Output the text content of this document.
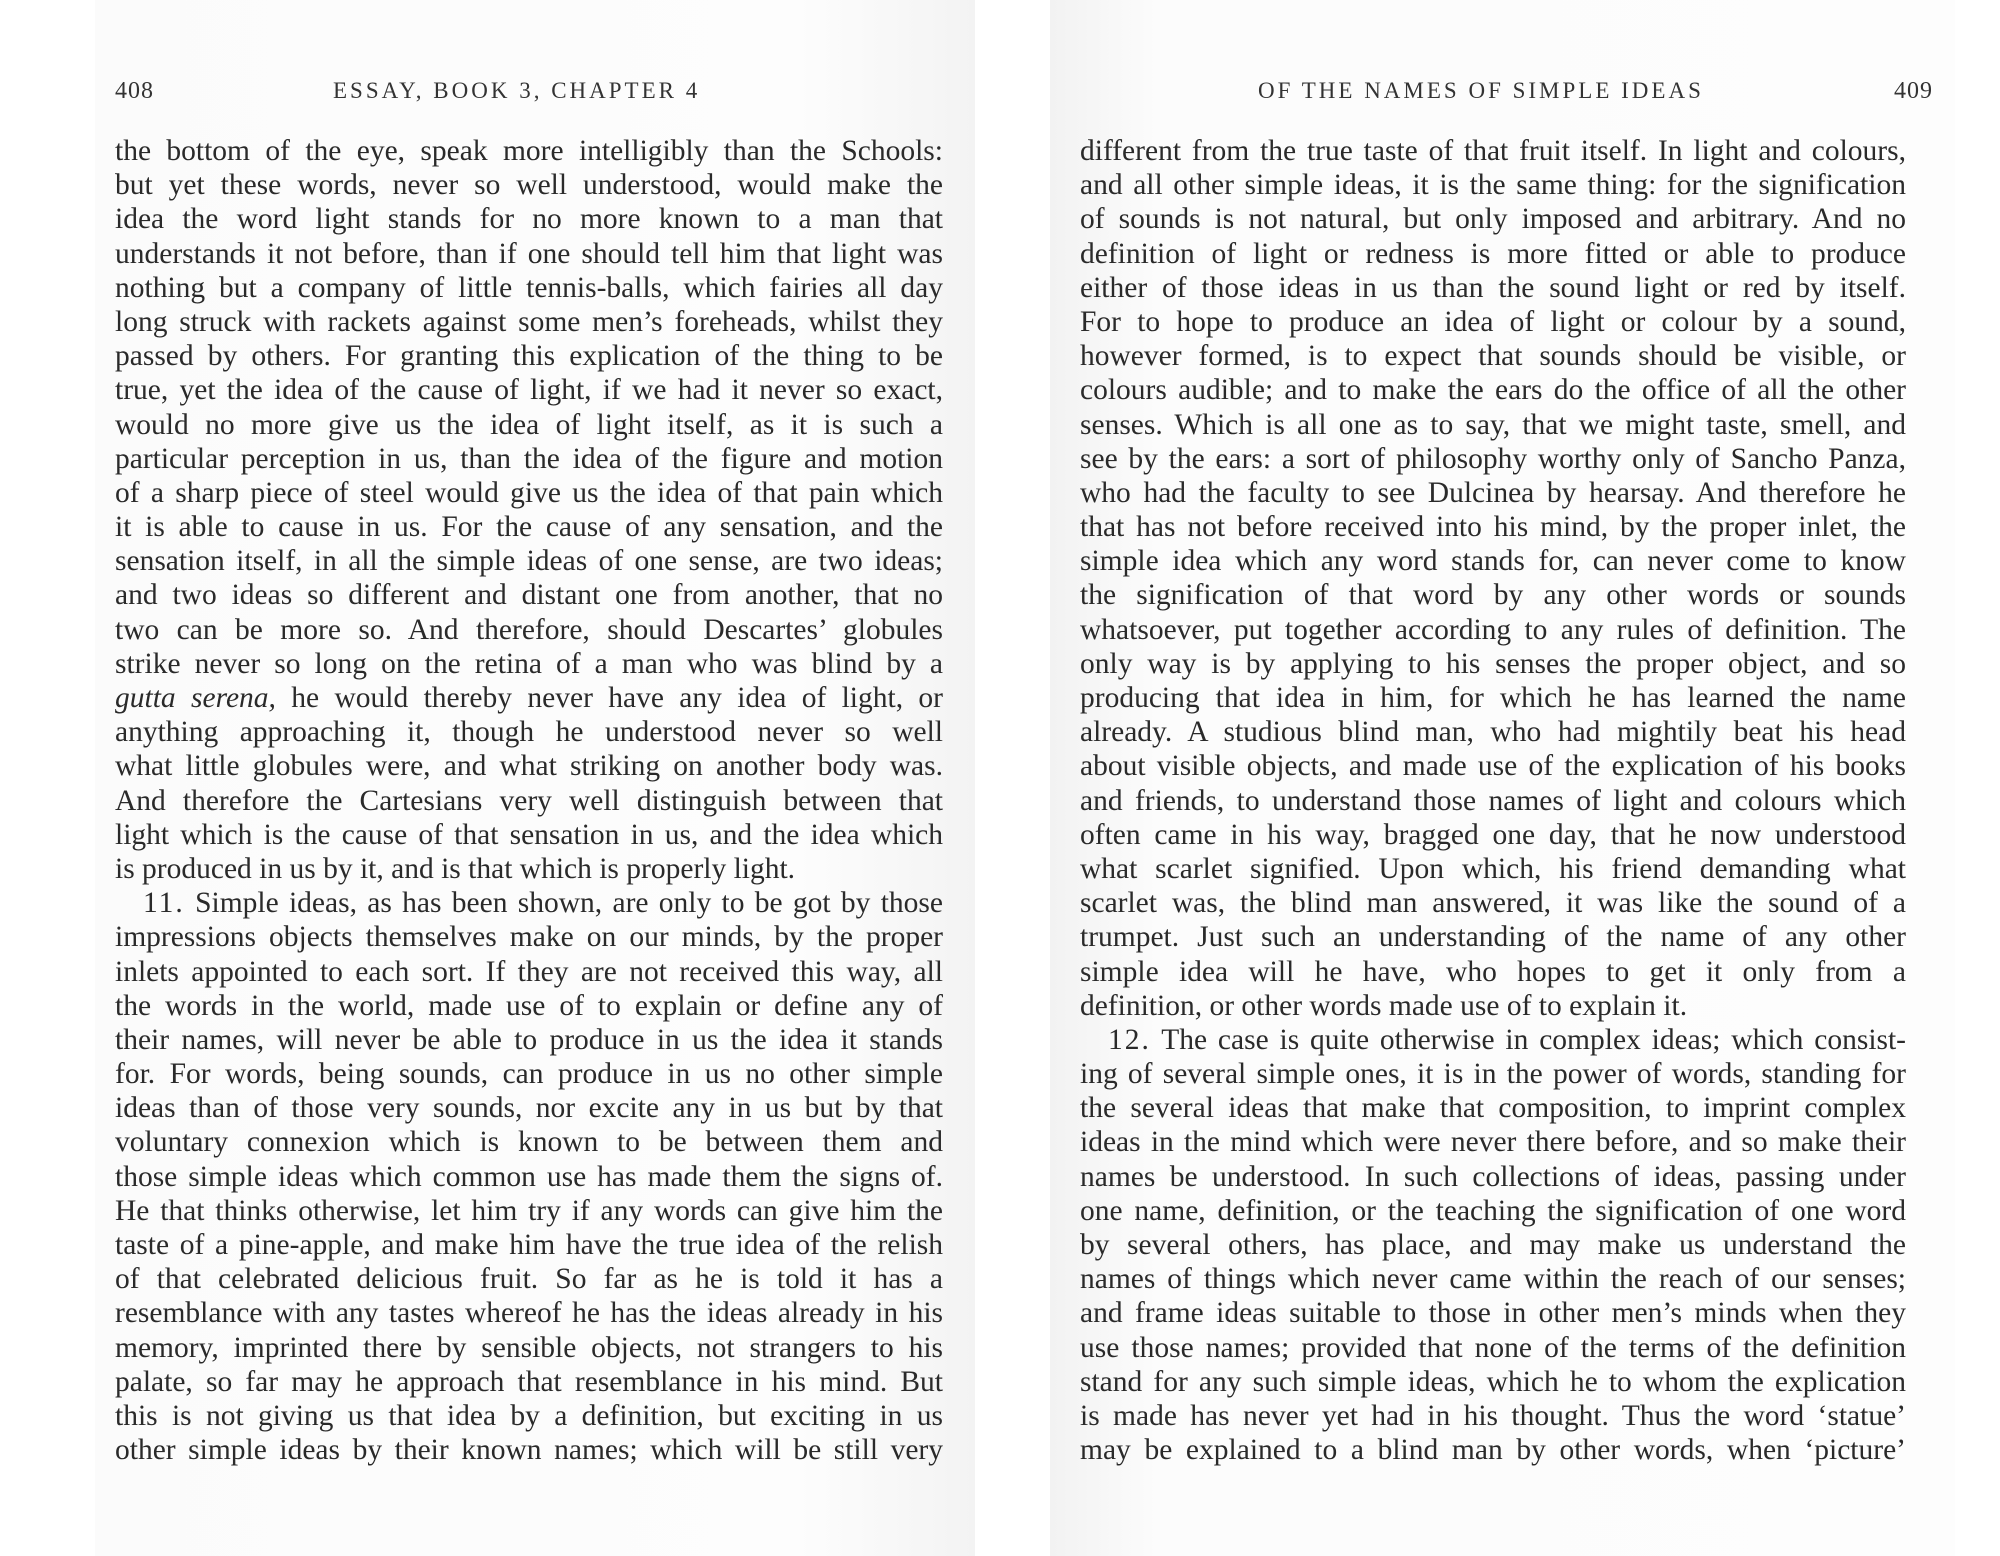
408	ESSAY, BOOK 3, CHAPTER 4
the bottom of the eye, speak more intelligibly than the Schools:
but yet these words, never so well understood, would make the
idea the word light stands for no more known to a man that
understands it not before, than if one should tell him that light was
nothing but a company of little tennis-balls, which fairies all day
long struck with rackets against some men’s foreheads, whilst they
passed by others. For granting this explication of the thing to be
true, yet the idea of the cause of light, if we had it never so exact,
would no more give us the idea of light itself, as it is such a
particular perception in us, than the idea of the figure and motion
of a sharp piece of steel would give us the idea of that pain which
it is able to cause in us. For the cause of any sensation, and the
sensation itself, in all the simple ideas of one sense, are two ideas;
and two ideas so different and distant one from another, that no
two can be more so. And therefore, should Descartes’ globules
strike never so long on the retina of a man who was blind by a
gutta serena, he would thereby never have any idea of light, or
anything approaching it, though he understood never so well
what little globules were, and what striking on another body was.
And therefore the Cartesians very well distinguish between that
light which is the cause of that sensation in us, and the idea which
is produced in us by it, and is that which is properly light.
11. Simple ideas, as has been shown, are only to be got by those
impressions objects themselves make on our minds, by the proper
inlets appointed to each sort. If they are not received this way, all
the words in the world, made use of to explain or define any of
their names, will never be able to produce in us the idea it stands
for. For words, being sounds, can produce in us no other simple
ideas than of those very sounds, nor excite any in us but by that
voluntary connexion which is known to be between them and
those simple ideas which common use has made them the signs of.
He that thinks otherwise, let him try if any words can give him the
taste of a pine-apple, and make him have the true idea of the relish
of that celebrated delicious fruit. So far as he is told it has a
resemblance with any tastes whereof he has the ideas already in his
memory, imprinted there by sensible objects, not strangers to his
palate, so far may he approach that resemblance in his mind. But
this is not giving us that idea by a definition, but exciting in us
other simple ideas by their known names; which will be still very
OF THE NAMES OF SIMPLE IDEAS	409
different from the true taste of that fruit itself. In light and colours,
and all other simple ideas, it is the same thing: for the signification
of sounds is not natural, but only imposed and arbitrary. And no
definition of light or redness is more fitted or able to produce
either of those ideas in us than the sound light or red by itself.
For to hope to produce an idea of light or colour by a sound,
however formed, is to expect that sounds should be visible, or
colours audible; and to make the ears do the office of all the other
senses. Which is all one as to say, that we might taste, smell, and
see by the ears: a sort of philosophy worthy only of Sancho Panza,
who had the faculty to see Dulcinea by hearsay. And therefore he
that has not before received into his mind, by the proper inlet, the
simple idea which any word stands for, can never come to know
the signification of that word by any other words or sounds
whatsoever, put together according to any rules of definition. The
only way is by applying to his senses the proper object, and so
producing that idea in him, for which he has learned the name
already. A studious blind man, who had mightily beat his head
about visible objects, and made use of the explication of his books
and friends, to understand those names of light and colours which
often came in his way, bragged one day, that he now understood
what scarlet signified. Upon which, his friend demanding what
scarlet was, the blind man answered, it was like the sound of a
trumpet. Just such an understanding of the name of any other
simple idea will he have, who hopes to get it only from a
definition, or other words made use of to explain it.
12. The case is quite otherwise in complex ideas; which consist-
ing of several simple ones, it is in the power of words, standing for
the several ideas that make that composition, to imprint complex
ideas in the mind which were never there before, and so make their
names be understood. In such collections of ideas, passing under
one name, definition, or the teaching the signification of one word
by several others, has place, and may make us understand the
names of things which never came within the reach of our senses;
and frame ideas suitable to those in other men’s minds when they
use those names; provided that none of the terms of the definition
stand for any such simple ideas, which he to whom the explication
is made has never yet had in his thought. Thus the word ‘statue’
may be explained to a blind man by other words, when ‘picture’
